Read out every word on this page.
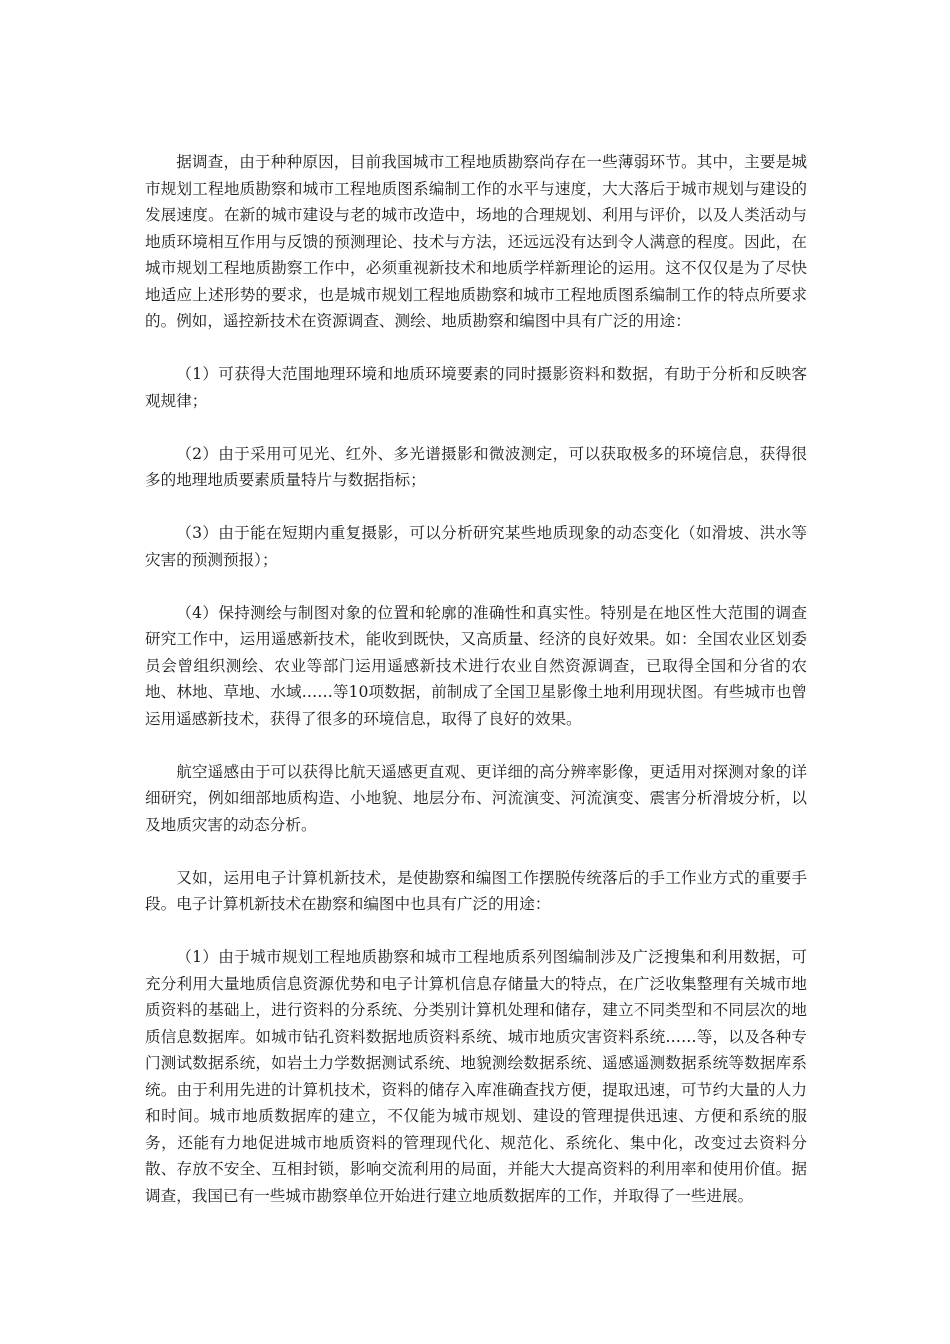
据调查，由于种种原因，目前我国城市工程地质勘察尚存在一些薄弱环节。其中，主要是城市规划工程地质勘察和城市工程地质图系编制工作的水平与速度，大大落后于城市规划与建设的发展速度。在新的城市建设与老的城市改造中，场地的合理规划、利用与评价，以及人类活动与地质环境相互作用与反馈的预测理论、技术与方法，还远远没有达到令人满意的程度。因此，在城市规划工程地质勘察工作中，必须重视新技术和地质学样新理论的运用。这不仅仅是为了尽快地适应上述形势的要求，也是城市规划工程地质勘察和城市工程地质图系编制工作的特点所要求的。例如，遥控新技术在资源调查、测绘、地质勘察和编图中具有广泛的用途：

（1）可获得大范围地理环境和地质环境要素的同时摄影资料和数据，有助于分析和反映客观规律；

（2）由于采用可见光、红外、多光谱摄影和微波测定，可以获取极多的环境信息，获得很多的地理地质要素质量特片与数据指标；

（3）由于能在短期内重复摄影，可以分析研究某些地质现象的动态变化（如滑坡、洪水等灾害的预测预报）；

（4）保持测绘与制图对象的位置和轮廓的准确性和真实性。特别是在地区性大范围的调查研究工作中，运用遥感新技术，能收到既快，又高质量、经济的良好效果。如：全国农业区划委员会曾组织测绘、农业等部门运用遥感新技术进行农业自然资源调查，已取得全国和分省的农地、林地、草地、水域……等10项数据，前制成了全国卫星影像土地利用现状图。有些城市也曾运用遥感新技术，获得了很多的环境信息，取得了良好的效果。

航空遥感由于可以获得比航天遥感更直观、更详细的高分辨率影像，更适用对探测对象的详细研究，例如细部地质构造、小地貌、地层分布、河流演变、河流演变、震害分析滑坡分析，以及地质灾害的动态分析。

又如，运用电子计算机新技术，是使勘察和编图工作摆脱传统落后的手工作业方式的重要手段。电子计算机新技术在勘察和编图中也具有广泛的用途：

（1）由于城市规划工程地质勘察和城市工程地质系列图编制涉及广泛搜集和利用数据，可充分利用大量地质信息资源优势和电子计算机信息存储量大的特点，在广泛收集整理有关城市地质资料的基础上，进行资料的分系统、分类别计算机处理和储存，建立不同类型和不同层次的地质信息数据库。如城市钻孔资料数据地质资料系统、城市地质灾害资料系统……等，以及各种专门测试数据系统，如岩土力学数据测试系统、地貌测绘数据系统、遥感遥测数据系统等数据库系统。由于利用先进的计算机技术，资料的储存入库准确查找方便，提取迅速，可节约大量的人力和时间。城市地质数据库的建立，不仅能为城市规划、建设的管理提供迅速、方便和系统的服务，还能有力地促进城市地质资料的管理现代化、规范化、系统化、集中化，改变过去资料分散、存放不安全、互相封锁，影响交流利用的局面，并能大大提高资料的利用率和使用价值。据调查，我国已有一些城市勘察单位开始进行建立地质数据库的工作，并取得了一些进展。
